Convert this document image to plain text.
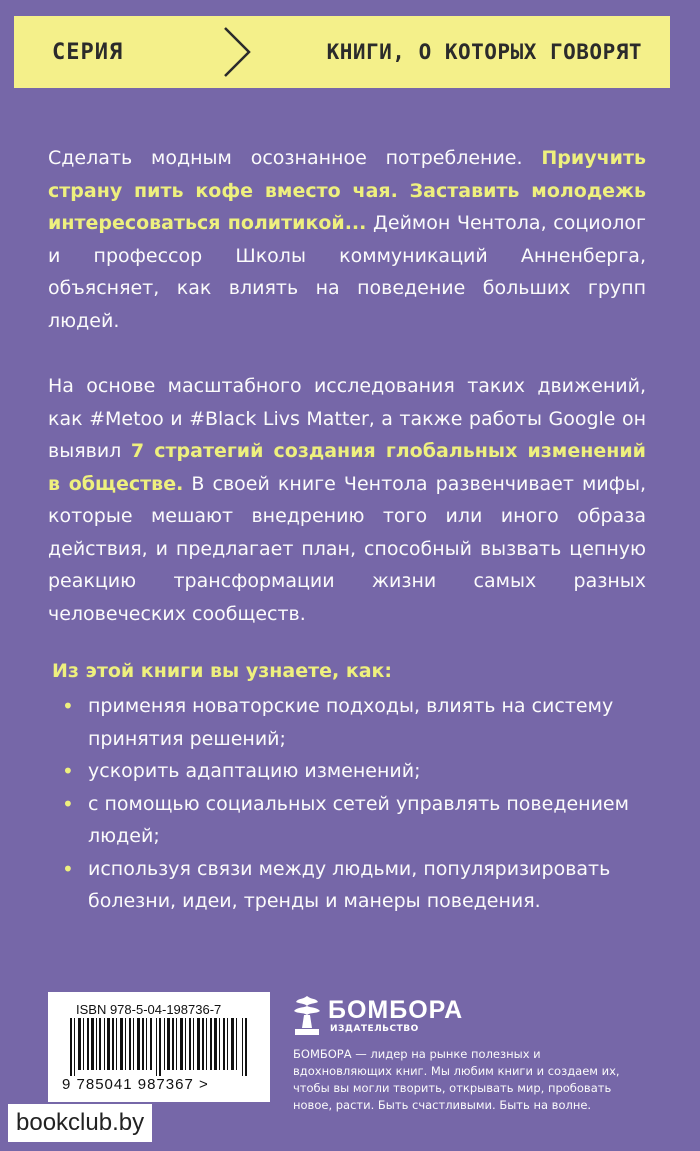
СЕРИЯ	КНИГИ, О КОТОРЫХ ГОВОРЯТ
Сделать модным осознанное потребление. Приучить страну пить кофе вместо чая. Заставить молодежь интересоваться политикой... Деймон Чентола, социолог и профессор Школы коммуникаций Анненберга, объясняет, как влиять на поведение больших групп людей.
На основе масштабного исследования таких движений, как #Metoo и #Black Livs Matter, а также работы Google он выявил 7 стратегий создания глобальных изменений в обществе. В своей книге Чентола развенчивает мифы, которые мешают внедрению того или иного образа действия, и предлагает план, способный вызвать цепную реакцию трансформации жизни самых разных человеческих сообществ.
Из этой книги вы узнаете, как:
• применяя новаторские подходы, влиять на систему принятия решений;
• ускорить адаптацию изменений;
• с помощью социальных сетей управлять поведением людей;
• используя связи между людьми, популяризировать болезни, идеи, тренды и манеры поведения.
ISBN 978-5-04-198736-7
9 785041 987367 >
БОМБОРА
ИЗДАТЕЛЬСТВО
БОМБОРА — лидер на рынке полезных и вдохновляющих книг. Мы любим книги и создаем их, чтобы вы могли творить, открывать мир, пробовать новое, расти. Быть счастливыми. Быть на волне.
bookclub.by
